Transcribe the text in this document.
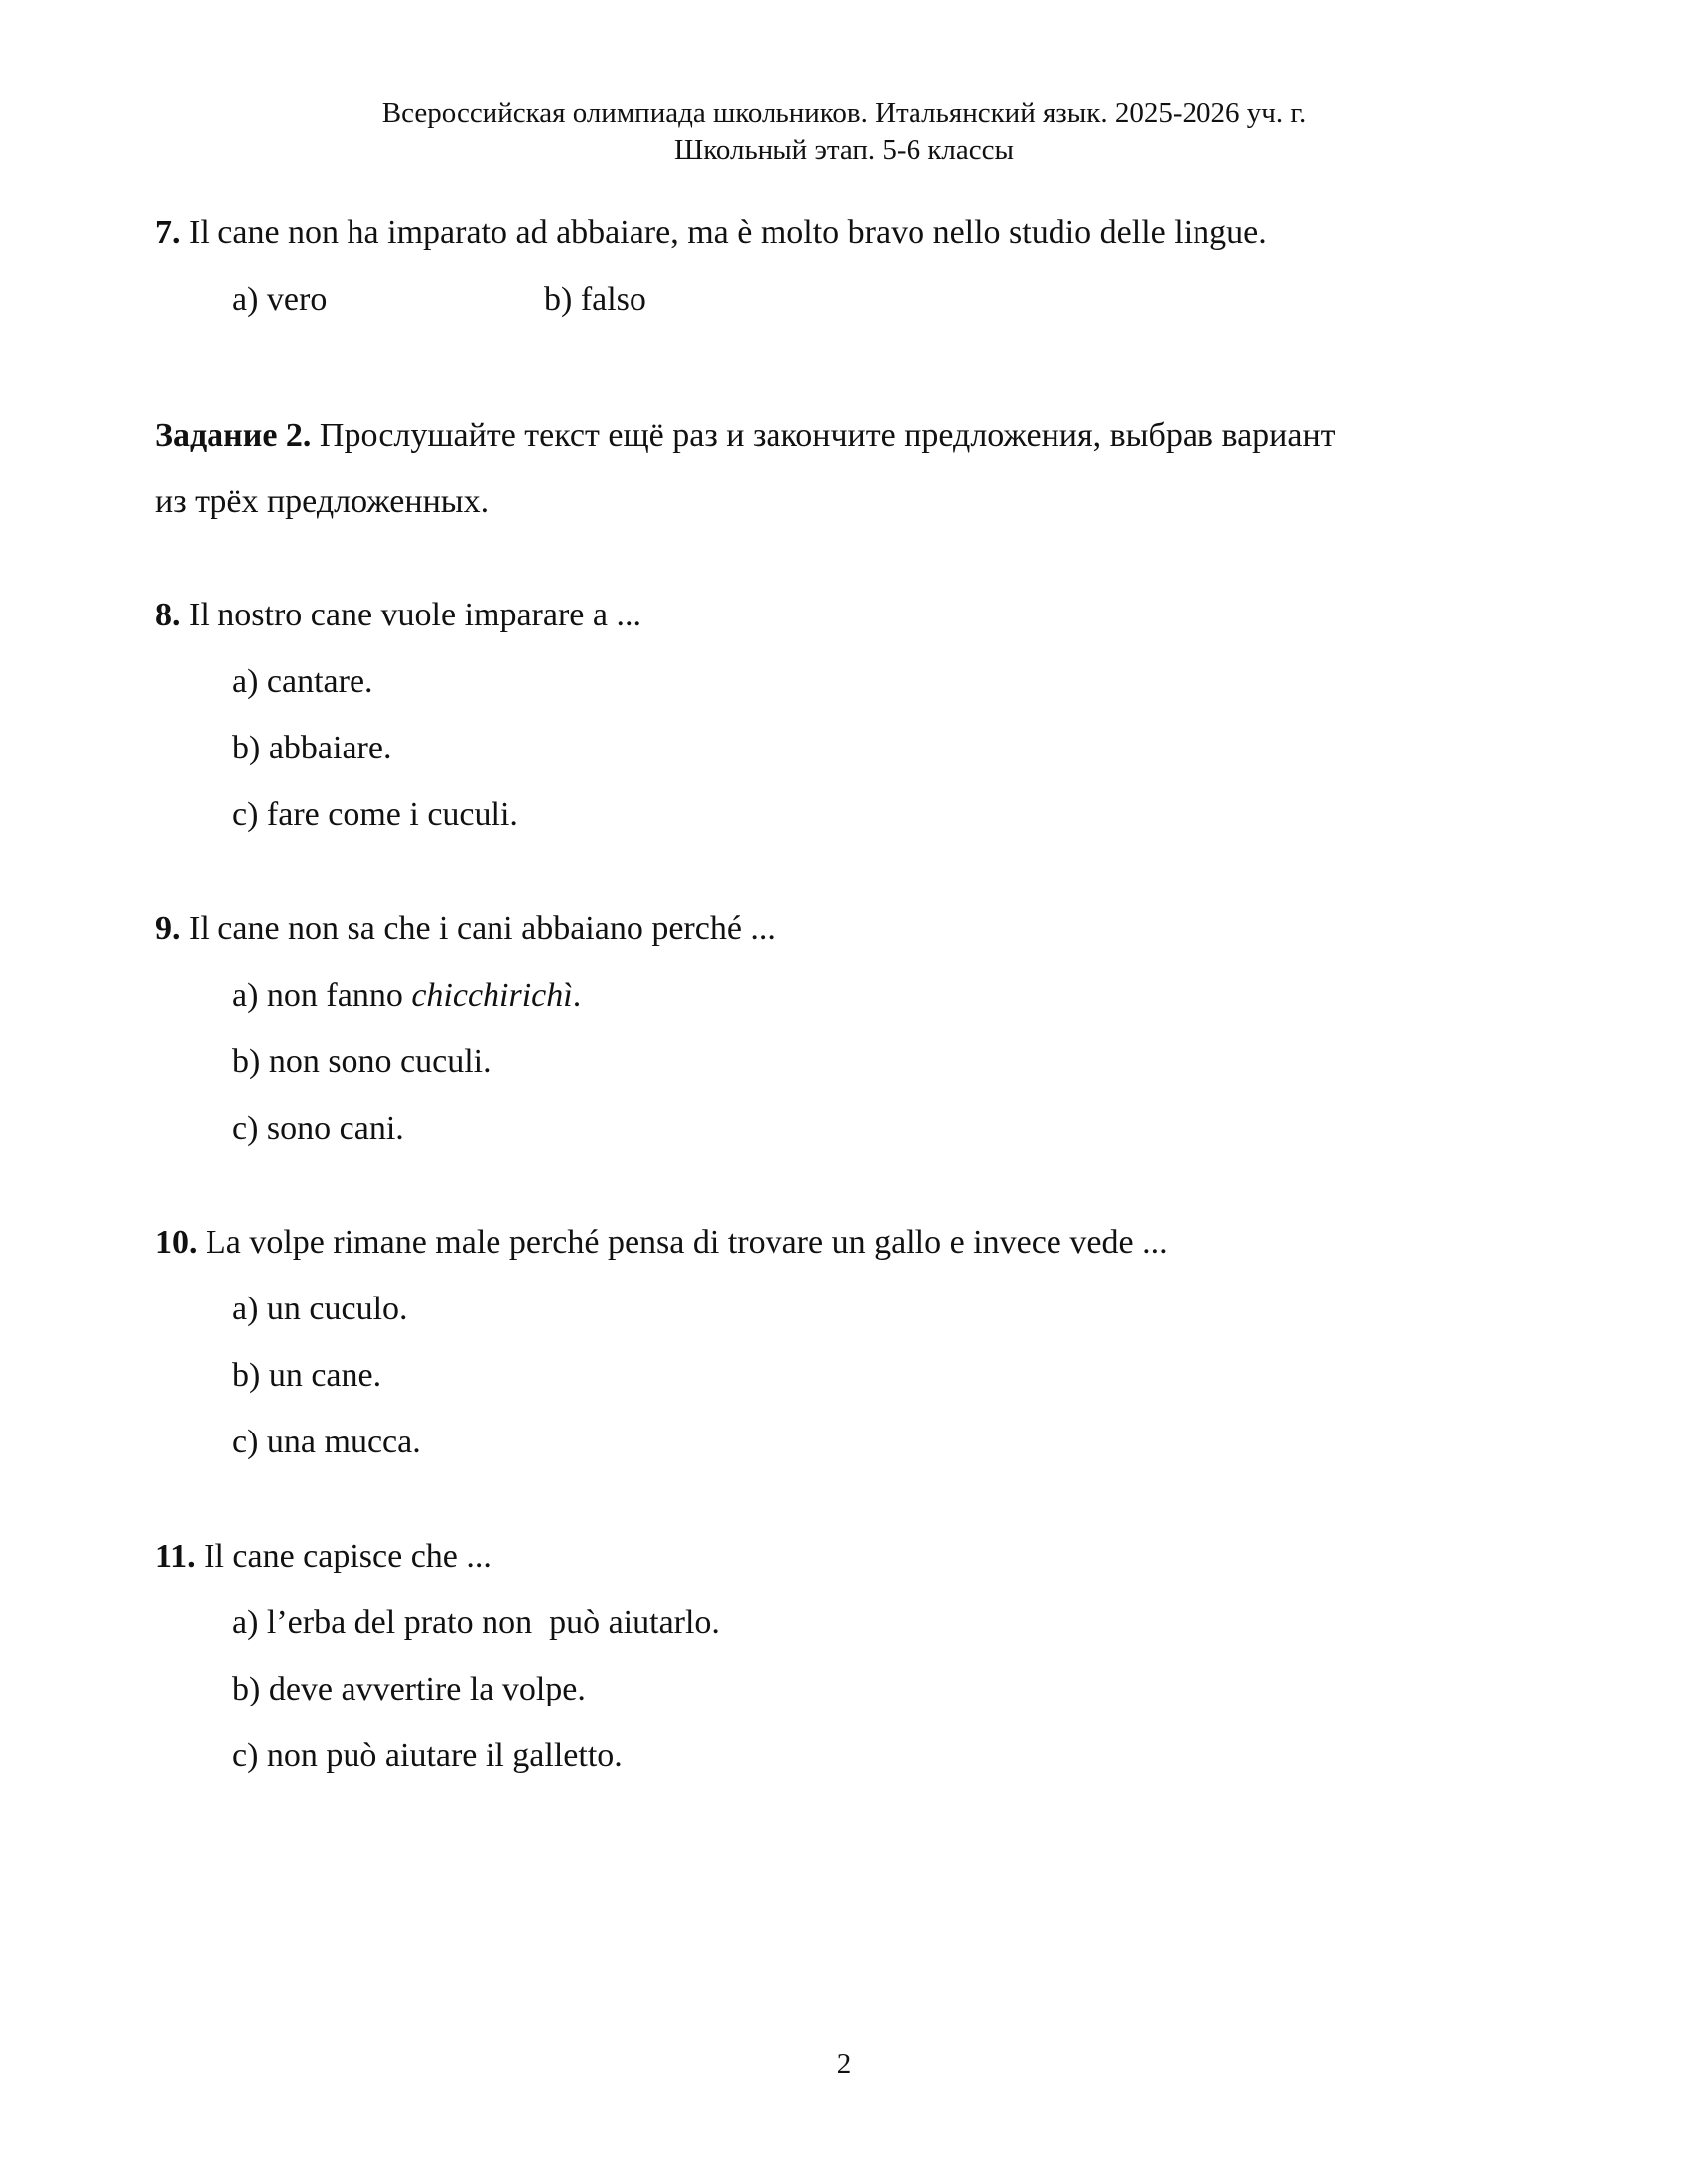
Всероссийская олимпиада школьников. Итальянский язык. 2025-2026 уч. г.
Школьный этап. 5-6 классы
7. Il cane non ha imparato ad abbaiare, ma è molto bravo nello studio delle lingue.
a) vero	b) falso
Задание 2. Прослушайте текст ещё раз и закончите предложения, выбрав вариант
из трёх предложенных.
8. Il nostro cane vuole imparare a ...
a) cantare.
b) abbaiare.
c) fare come i cuculi.
9. Il cane non sa che i cani abbaiano perché ...
a) non fanno chicchirichì.
b) non sono cuculi.
c) sono cani.
10. La volpe rimane male perché pensa di trovare un gallo e invece vede ...
a) un cuculo.
b) un cane.
c) una mucca.
11. Il cane capisce che ...
a) l’erba del prato non  può aiutarlo.
b) deve avvertire la volpe.
c) non può aiutare il galletto.
2
